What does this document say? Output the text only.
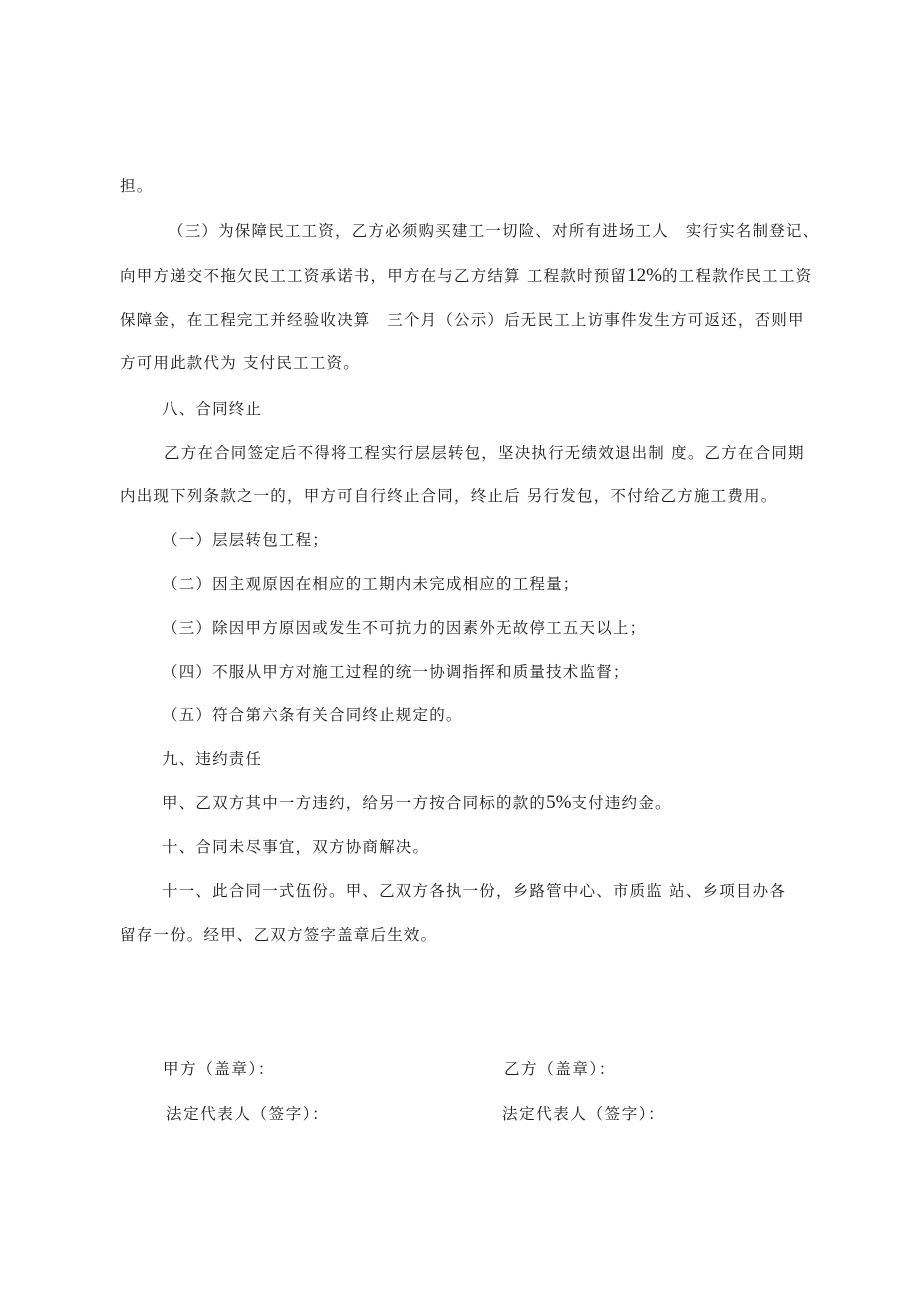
担。
（三）为保障民工工资，乙方必须购买建工一切险、对所有进场工人　实行实名制登记、
向甲方递交不拖欠民工工资承诺书，甲方在与乙方结算 工程款时预留12%的工程款作民工工资
保障金，在工程完工并经验收决算　三个月（公示）后无民工上访事件发生方可返还，否则甲
方可用此款代为 支付民工工资。
八、合同终止
乙方在合同签定后不得将工程实行层层转包，坚决执行无绩效退出制 度。乙方在合同期
内出现下列条款之一的，甲方可自行终止合同，终止后 另行发包，不付给乙方施工费用。
（一）层层转包工程；
（二）因主观原因在相应的工期内未完成相应的工程量；
（三）除因甲方原因或发生不可抗力的因素外无故停工五天以上；
（四）不服从甲方对施工过程的统一协调指挥和质量技术监督；
（五）符合第六条有关合同终止规定的。
九、违约责任
甲、乙双方其中一方违约，给另一方按合同标的款的5%支付违约金。
十、合同未尽事宜，双方协商解决。
十一、此合同一式伍份。甲、乙双方各执一份，乡路管中心、市质监 站、乡项目办各
留存一份。经甲、乙双方签字盖章后生效。
甲方（盖章）：	乙方（盖章）：
法定代表人（签字）：	法定代表人（签字）：
